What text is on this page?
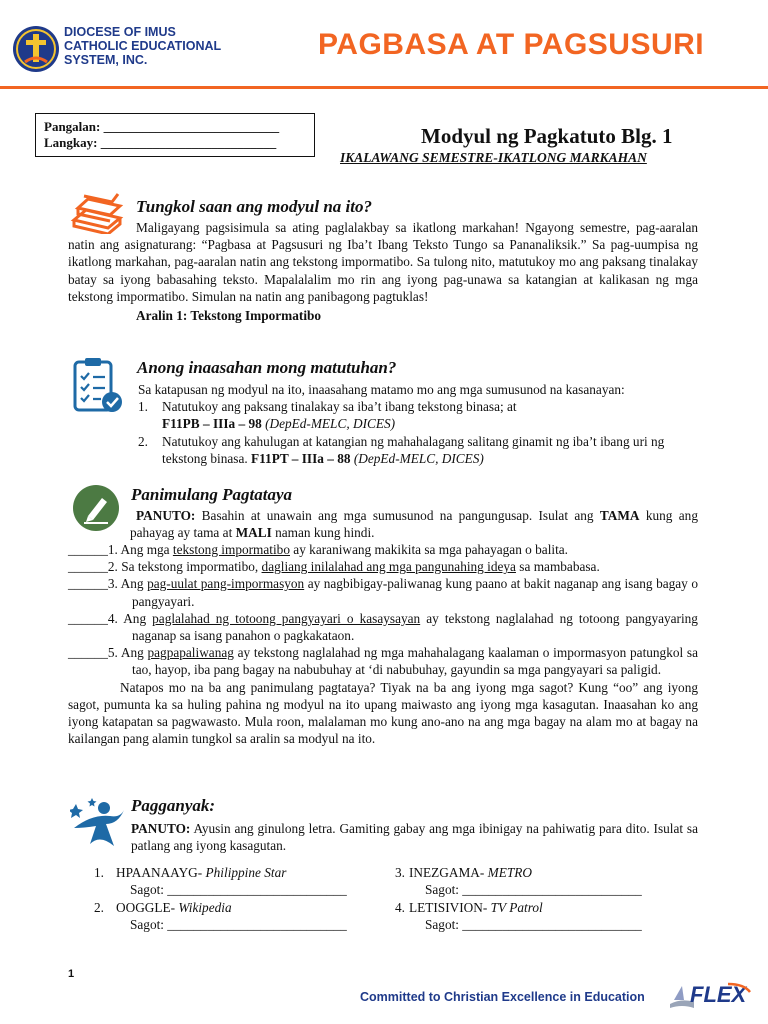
DIOCESE OF IMUS
CATHOLIC EDUCATIONAL
SYSTEM, INC.	PAGBASA AT PAGSUSURI
Pangalan: ___________________________
Langkay: ___________________________	Modyul ng Pagkatuto Blg. 1
IKALAWANG SEMESTRE-IKATLONG MARKAHAN
Tungkol saan ang modyul na ito?

Maligayang pagsisimula sa ating paglalakbay sa ikatlong markahan! Ngayong semestre, pag-aaralan natin ang asignaturang: “Pagbasa at Pagsusuri ng Iba’t Ibang Teksto Tungo sa Pananaliksik.” Sa pag-uumpisa ng ikatlong markahan, pag-aaralan natin ang tekstong impormatibo. Sa tulong nito, matutukoy mo ang paksang tinalakay batay sa iyong babasahing teksto. Mapalalalim mo rin ang iyong pag-unawa sa katangian at kalikasan ng mga tekstong impormatibo. Simulan na natin ang panibagong pagtuklas!

Aralin 1: Tekstong Impormatibo

Anong inaasahan mong matutuhan?

Sa katapusan ng modyul na ito, inaasahang matamo mo ang mga sumusunod na kasanayan:

1.	Natutukoy ang paksang tinalakay sa iba’t ibang tekstong binasa; at
F11PB – IIIa – 98 (DepEd-MELC, DICES)
2.	Natutukoy ang kahulugan at katangian ng mahahalagang salitang ginamit ng iba’t ibang uri ng tekstong binasa. F11PT – IIIa – 88 (DepEd-MELC, DICES)
Panimulang Pagtataya

PANUTO: Basahin at unawain ang mga sumusunod na pangungusap. Isulat ang TAMA kung ang pahayag ay tama at MALI naman kung hindi.

______1. Ang mga tekstong impormatibo ay karaniwang makikita sa mga pahayagan o balita.

______2. Sa tekstong impormatibo, dagliang inilalahad ang mga pangunahing ideya sa mambabasa.

______3. Ang pag-uulat pang-impormasyon ay nagbibigay-paliwanag kung paano at bakit naganap ang isang bagay o pangyayari.

______4. Ang paglalahad ng totoong pangyayari o kasaysayan ay tekstong naglalahad ng totoong pangyayaring naganap sa isang panahon o pagkakataon.

______5. Ang pagpapaliwanag ay tekstong naglalahad ng mga mahahalagang kaalaman o impormasyon patungkol sa tao, hayop, iba pang bagay na nabubuhay at ‘di nabubuhay, gayundin sa mga pangyayari sa paligid.

Natapos mo na ba ang panimulang pagtataya? Tiyak na ba ang iyong mga sagot? Kung “oo” ang iyong sagot, pumunta ka sa huling pahina ng modyul na ito upang maiwasto ang iyong mga kasagutan. Inaasahan ko ang iyong katapatan sa pagwawasto. Mula roon, malalaman mo kung ano-ano na ang mga bagay na alam mo at bagay na kailangan pang alamin tungkol sa aralin sa modyul na ito.

Pagganyak:

PANUTO: Ayusin ang ginulong letra. Gamiting gabay ang mga ibinigay na pahiwatig para dito. Isulat sa patlang ang iyong kasagutan.

1. HPAANAAYG- Philippine Star
Sagot: ___________________________
2. OOGGLE- Wikipedia
Sagot: ___________________________
3. INEZGAMA- METRO
Sagot: ___________________________
4. LETISIVION- TV Patrol
Sagot: ___________________________
1
Committed to Christian Excellence in Education FLEX
